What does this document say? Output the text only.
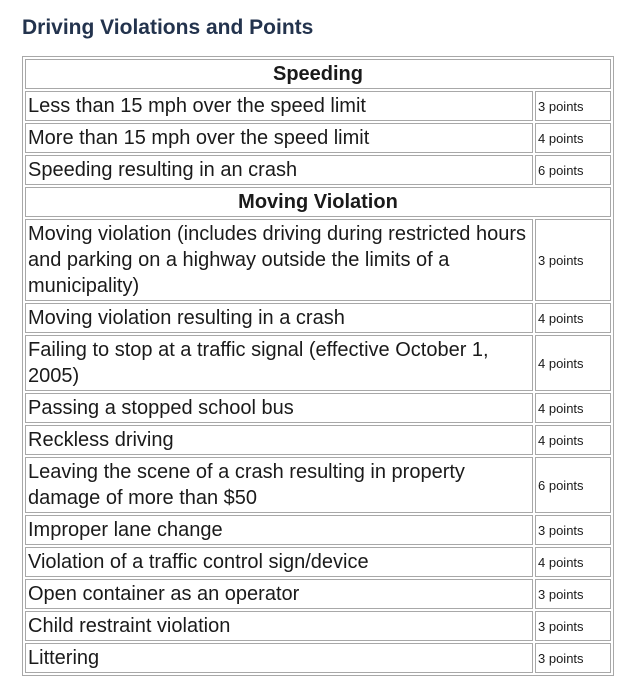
Driving Violations and Points
Speeding	
Less than 15 mph over the speed limit	3 points
More than 15 mph over the speed limit	4 points
Speeding resulting in an crash	6 points
Moving Violation	
Moving violation (includes driving during restricted hours and parking on a highway outside the limits of a municipality)	3 points
Moving violation resulting in a crash	4 points
Failing to stop at a traffic signal (effective October 1, 2005)	4 points
Passing a stopped school bus	4 points
Reckless driving	4 points
Leaving the scene of a crash resulting in property damage of more than $50	6 points
Improper lane change	3 points
Violation of a traffic control sign/device	4 points
Open container as an operator	3 points
Child restraint violation	3 points
Littering	3 points
